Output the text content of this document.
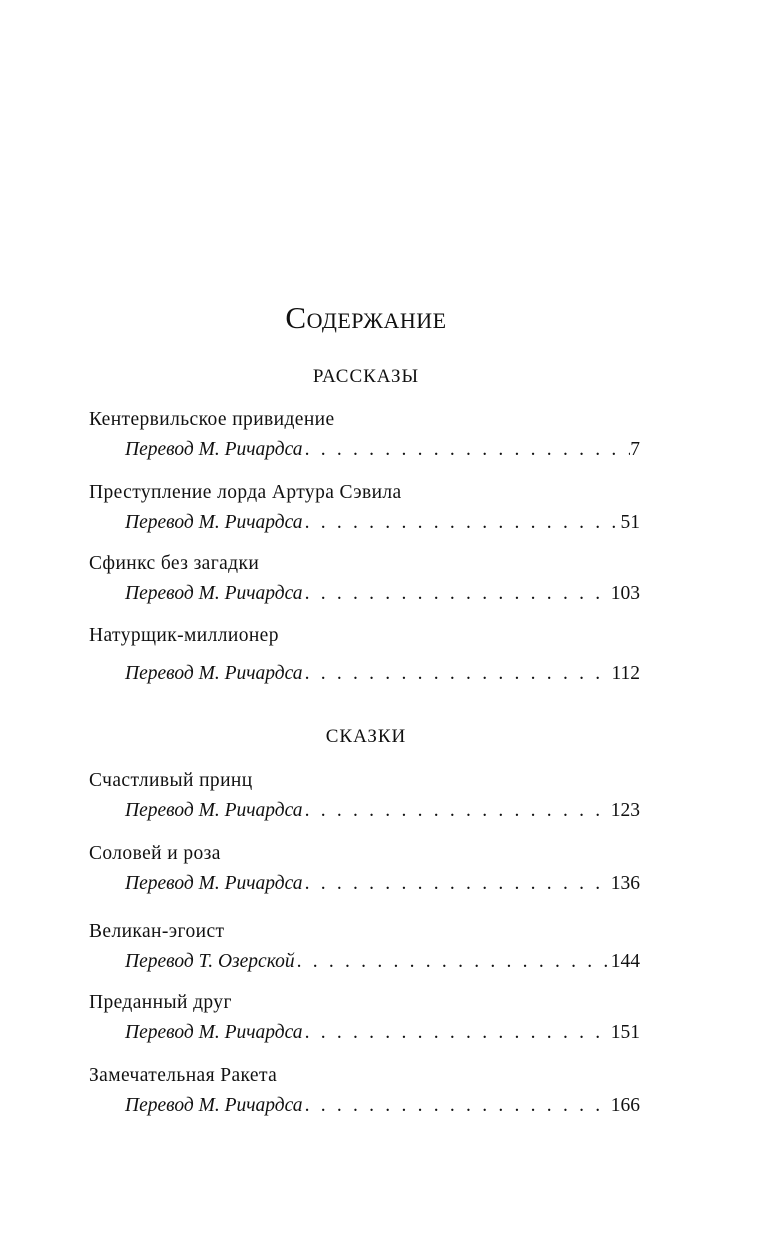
Содержание
РАССКАЗЫ
Кентервильское привидение
Перевод М. Ричардса . . .	7
Преступление лорда Артура Сэвила
Перевод М. Ричардса . . .	51
Сфинкс без загадки
Перевод М. Ричардса . . .	103
Натурщик-миллионер
Перевод М. Ричардса . . .	112
СКАЗКИ
Счастливый принц
Перевод М. Ричардса . . .	123
Соловей и роза
Перевод М. Ричардса . . .	136
Великан-эгоист
Перевод Т. Озерской . . .	144
Преданный друг
Перевод М. Ричардса . . .	151
Замечательная Ракета
Перевод М. Ричардса . . .	166
